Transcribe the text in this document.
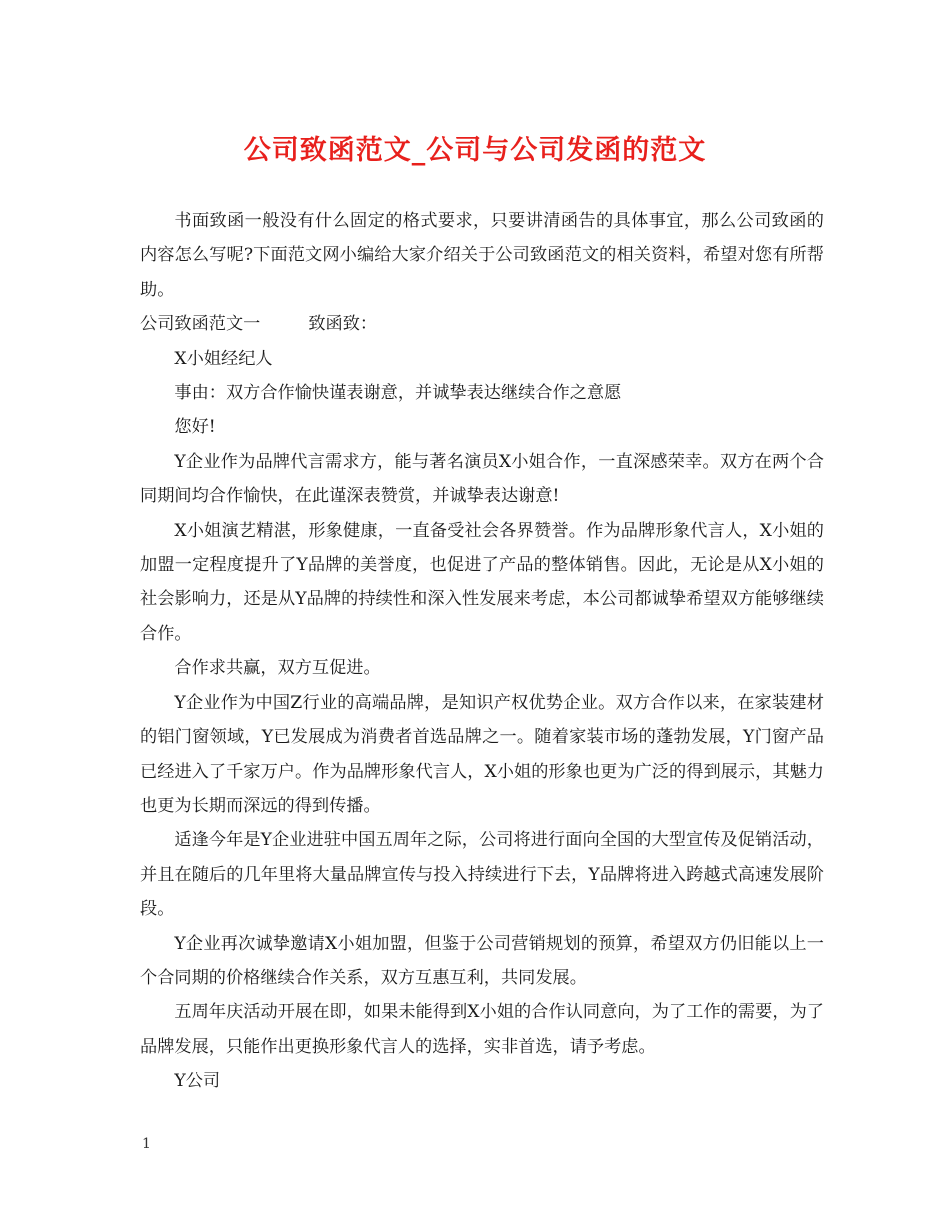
公司致函范文_公司与公司发函的范文

书面致函一般没有什么固定的格式要求，只要讲清函告的具体事宜，那么公司致函的内容怎么写呢?下面范文网小编给大家介绍关于公司致函范文的相关资料，希望对您有所帮助。

公司致函范文一	致函致：

X小姐经纪人

事由：双方合作愉快谨表谢意，并诚挚表达继续合作之意愿

您好!

Y企业作为品牌代言需求方，能与著名演员X小姐合作，一直深感荣幸。双方在两个合同期间均合作愉快，在此谨深表赞赏，并诚挚表达谢意!

X小姐演艺精湛，形象健康，一直备受社会各界赞誉。作为品牌形象代言人，X小姐的加盟一定程度提升了Y品牌的美誉度，也促进了产品的整体销售。因此，无论是从X小姐的社会影响力，还是从Y品牌的持续性和深入性发展来考虑，本公司都诚挚希望双方能够继续合作。

合作求共赢，双方互促进。

Y企业作为中国Z行业的高端品牌，是知识产权优势企业。双方合作以来，在家装建材的铝门窗领域，Y已发展成为消费者首选品牌之一。随着家装市场的蓬勃发展，Y门窗产品已经进入了千家万户。作为品牌形象代言人，X小姐的形象也更为广泛的得到展示，其魅力也更为长期而深远的得到传播。

适逢今年是Y企业进驻中国五周年之际，公司将进行面向全国的大型宣传及促销活动，并且在随后的几年里将大量品牌宣传与投入持续进行下去，Y品牌将进入跨越式高速发展阶段。

Y企业再次诚挚邀请X小姐加盟，但鉴于公司营销规划的预算，希望双方仍旧能以上一个合同期的价格继续合作关系，双方互惠互利，共同发展。

五周年庆活动开展在即，如果未能得到X小姐的合作认同意向，为了工作的需要，为了品牌发展，只能作出更换形象代言人的选择，实非首选，请予考虑。

Y公司

1
